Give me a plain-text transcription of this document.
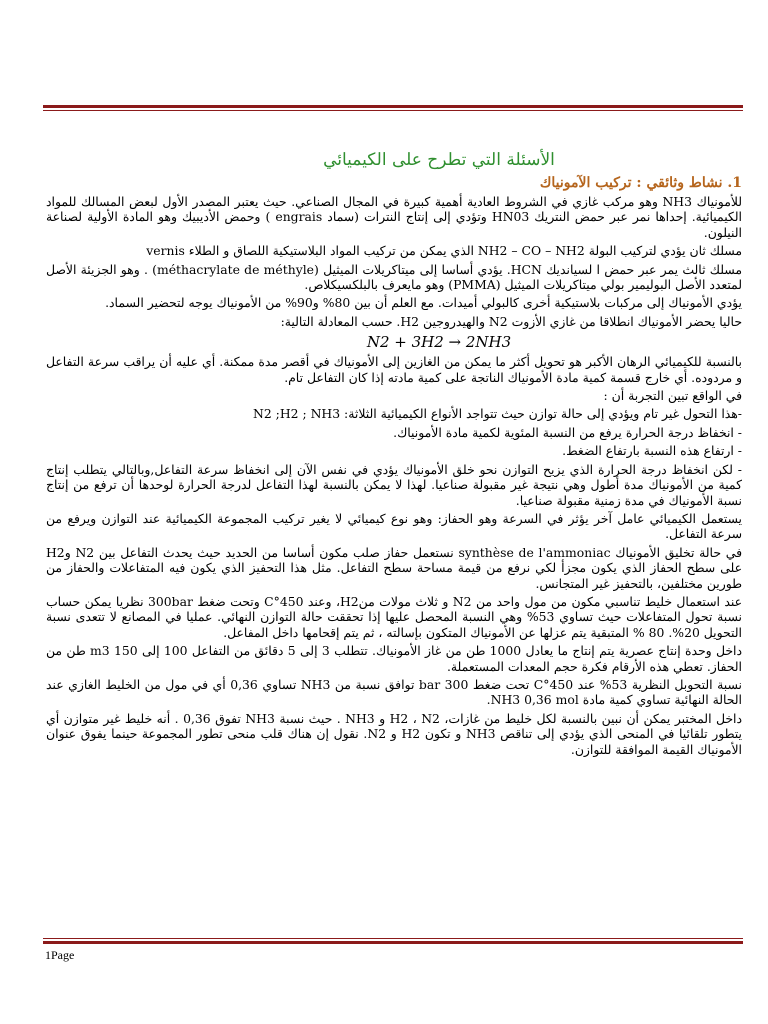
الأسئلة التي تطرح على الكيميائي
1. نشاط وثائقي : تركيب الآمونياك

للأمونياك NH3 وهو مركب غازي في الشروط العادية أهمية كبيرة في المجال الصناعي. حيث يعتبر المصدر الأول لبعض المسالك للمواد الكيميائية. إحداها نمر عبر حمض النتريك HN03 وتؤدي إلى إنتاج النترات (سماد engrais ) وحمض الأديبيك وهو المادة الأولية لصناعة النيلون.

مسلك ثان يؤدي لتركيب البولة NH2 – CO – NH2 الذي يمكن من تركيب المواد البلاستيكية اللصاق و الطلاء vernis

مسلك ثالث يمر عبر حمض ا لسيانديك HCN. يؤدي أساسا إلى ميتاكريلات الميثيل (méthacrylate de méthyle) . وهو الجزيئة الأصل لمتعدد الأصل البوليمير بولي ميتاكريلات الميثيل (PMMA) وهو مايعرف بالبلكسيكلاص.

يؤدي الأمونياك إلى مركبات بلاستيكية أخرى كالبولي أميدات. مع العلم أن بين 80% و90% من الأمونياك يوجه لتحضير السماد.

حاليا يحضر الأمونياك انطلاقا من غازي الأزوت N2 والهيدروجين H2. حسب المعادلة التالية:

N2 + 3H2 → 2NH3

بالنسبة للكيميائي الرهان الأكبر هو تحويل أكثر ما يمكن من الغازين إلى الأمونياك في أقصر مدة ممكنة. أي عليه أن يراقب سرعة التفاعل و مردوده. أي خارج قسمة كمية مادة الأمونياك الناتجة على كمية مادته إذا كان التفاعل تام.

في الواقع تبين التجربة أن :

-هذا التحول غير تام ويؤدي إلى حالة توازن حيث تتواجد الأنواع الكيميائية الثلاثة: N2 ;H2 ; NH3

- انخفاظ درجة الحرارة يرفع من النسبة المئوية لكمية مادة الأمونياك.

- ارتفاع هذه النسبة بارتفاع الضغط.

- لكن انخفاظ درجة الحرارة الذي يزيح التوازن نحو خلق الأمونياك يؤدي في نفس الآن إلى انخفاظ سرعة التفاعل,وبالتالي يتطلب إنتاج كمية من الأمونياك مدة أطول وهي نتيجة غير مقبولة صناعيا. لهذا لا يمكن بالنسبة لهذا التفاعل لدرجة الحرارة لوحدها أن ترفع من إنتاج نسبة الأمونياك في مدة زمنية مقبولة صناعيا.

يستعمل الكيميائي عامل آخر يؤثر في السرعة وهو الحفاز: وهو نوع كيميائي لا يغير تركيب المجموعة الكيميائية عند التوازن ويرفع من سرعة التفاعل.

في حالة تخليق الأمونياك synthèse de l'ammoniac نستعمل حفاز صلب مكون أساسا من الحديد حيث يحدث التفاعل بين N2 وH2 على سطح الحفاز الذي يكون مجزأ لكي نرفع من قيمة مساحة سطح التفاعل. مثل هذا التحفيز الذي يكون فيه المتفاعلات والحفاز من طورين مختلفين، بالتحفيز غير المتجانس.

عند استعمال خليط تناسبي مكون من مول واحد من N2 و ثلاث مولات منH2، وعند 450°C وتحت ضغط 300bar نظريا يمكن حساب نسبة تحول المتفاعلات حيث تساوي 53% وهي النسبة المحصل عليها إذا تحققت حالة التوازن النهائي. عمليا في المصانع لا تتعدى نسبة التحويل 20%. 80 % المتبقية يتم عزلها عن الأمونياك المتكون بإسالته ، ثم يتم إقحامها داخل المفاعل.

داخل وحدة إنتاج عصرية يتم إنتاج ما يعادل 1000 طن من غاز الأمونياك. تتطلب 3 إلى 5 دقائق من التفاعل 100 إلى 150 m3 طن من الحفاز. تعطي هذه الأرقام فكرة حجم المعدات المستعملة.

نسبة التحوبل النظرية 53% عند 450°C تحت ضغط 300 bar توافق نسبة من NH3 تساوي 0,36 أي في مول من الخليط الغازي عند الحالة النهائية تساوي كمية مادة NH3 0,36 mol.

داخل المختبر يمكن أن نبين بالنسبة لكل خليط من غازات، H2 ، N2 و NH3 . حيث نسبة NH3 تفوق 0,36 . أنه خليط غير متوازن أي يتطور تلقائيا في المنحى الذي يؤدي إلى تناقص NH3 و تكون H2 و N2. نقول إن هناك قلب منحى تطور المجموعة حينما يفوق عنوان الأمونياك القيمة الموافقة للتوازن.

1Page
